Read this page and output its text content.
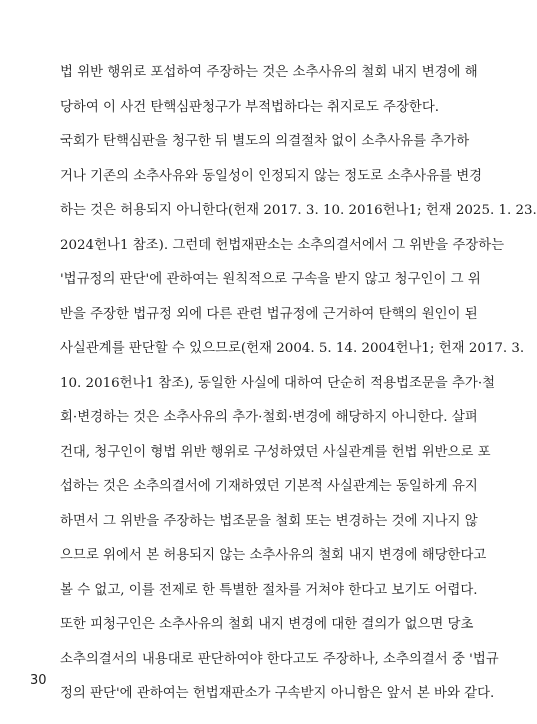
법 위반 행위로 포섭하여 주장하는 것은 소추사유의 철회 내지 변경에 해
당하여 이 사건 탄핵심판청구가 부적법하다는 취지로도 주장한다.
국회가 탄핵심판을 청구한 뒤 별도의 의결절차 없이 소추사유를 추가하
거나 기존의 소추사유와 동일성이 인정되지 않는 정도로 소추사유를 변경
하는 것은 허용되지 아니한다(헌재 2017. 3. 10. 2016헌나1; 헌재 2025. 1. 23.
2024헌나1 참조). 그런데 헌법재판소는 소추의결서에서 그 위반을 주장하는
'법규정의 판단'에 관하여는 원칙적으로 구속을 받지 않고 청구인이 그 위
반을 주장한 법규정 외에 다른 관련 법규정에 근거하여 탄핵의 원인이 된
사실관계를 판단할 수 있으므로(헌재 2004. 5. 14. 2004헌나1; 헌재 2017. 3.
10. 2016헌나1 참조), 동일한 사실에 대하여 단순히 적용법조문을 추가·철
회·변경하는 것은 소추사유의 추가·철회·변경에 해당하지 아니한다. 살펴
건대, 청구인이 형법 위반 행위로 구성하였던 사실관계를 헌법 위반으로 포
섭하는 것은 소추의결서에 기재하였던 기본적 사실관계는 동일하게 유지
하면서 그 위반을 주장하는 법조문을 철회 또는 변경하는 것에 지나지 않
으므로 위에서 본 허용되지 않는 소추사유의 철회 내지 변경에 해당한다고
볼 수 없고, 이를 전제로 한 특별한 절차를 거쳐야 한다고 보기도 어렵다.
또한 피청구인은 소추사유의 철회 내지 변경에 대한 결의가 없으면 당초
소추의결서의 내용대로 판단하여야 한다고도 주장하나, 소추의결서 중 '법규
정의 판단'에 관하여는 헌법재판소가 구속받지 아니함은 앞서 본 바와 같다.
30
